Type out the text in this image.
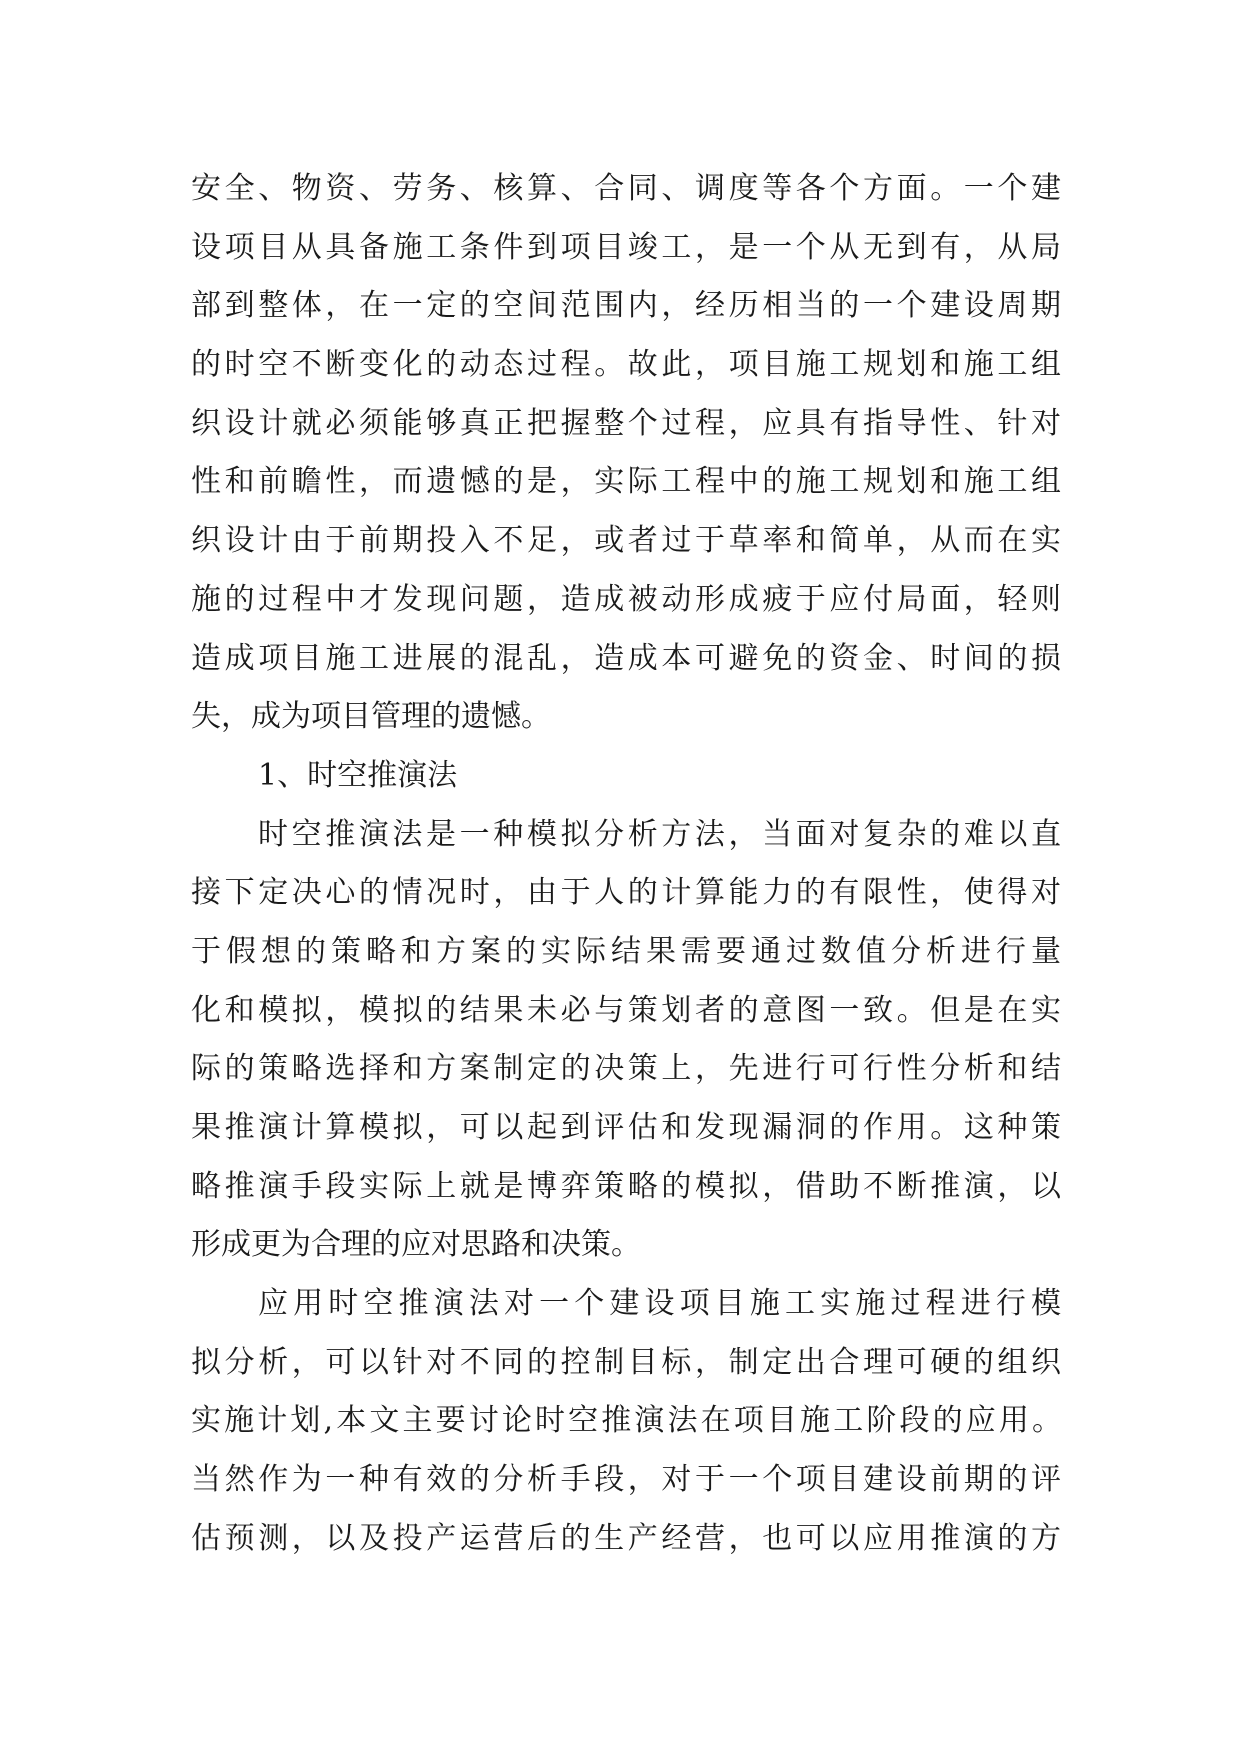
安全、物资、劳务、核算、合同、调度等各个方面。一个建
设项目从具备施工条件到项目竣工，是一个从无到有，从局
部到整体，在一定的空间范围内，经历相当的一个建设周期
的时空不断变化的动态过程。故此，项目施工规划和施工组
织设计就必须能够真正把握整个过程，应具有指导性、针对
性和前瞻性，而遗憾的是，实际工程中的施工规划和施工组
织设计由于前期投入不足，或者过于草率和简单，从而在实
施的过程中才发现问题，造成被动形成疲于应付局面，轻则
造成项目施工进展的混乱，造成本可避免的资金、时间的损
失，成为项目管理的遗憾。
1、时空推演法
时空推演法是一种模拟分析方法，当面对复杂的难以直
接下定决心的情况时，由于人的计算能力的有限性，使得对
于假想的策略和方案的实际结果需要通过数值分析进行量
化和模拟，模拟的结果未必与策划者的意图一致。但是在实
际的策略选择和方案制定的决策上，先进行可行性分析和结
果推演计算模拟，可以起到评估和发现漏洞的作用。这种策
略推演手段实际上就是博弈策略的模拟，借助不断推演，以
形成更为合理的应对思路和决策。
应用时空推演法对一个建设项目施工实施过程进行模
拟分析，可以针对不同的控制目标，制定出合理可硬的组织
实施计划,本文主要讨论时空推演法在项目施工阶段的应用。
当然作为一种有效的分析手段，对于一个项目建设前期的评
估预测，以及投产运营后的生产经营，也可以应用推演的方
